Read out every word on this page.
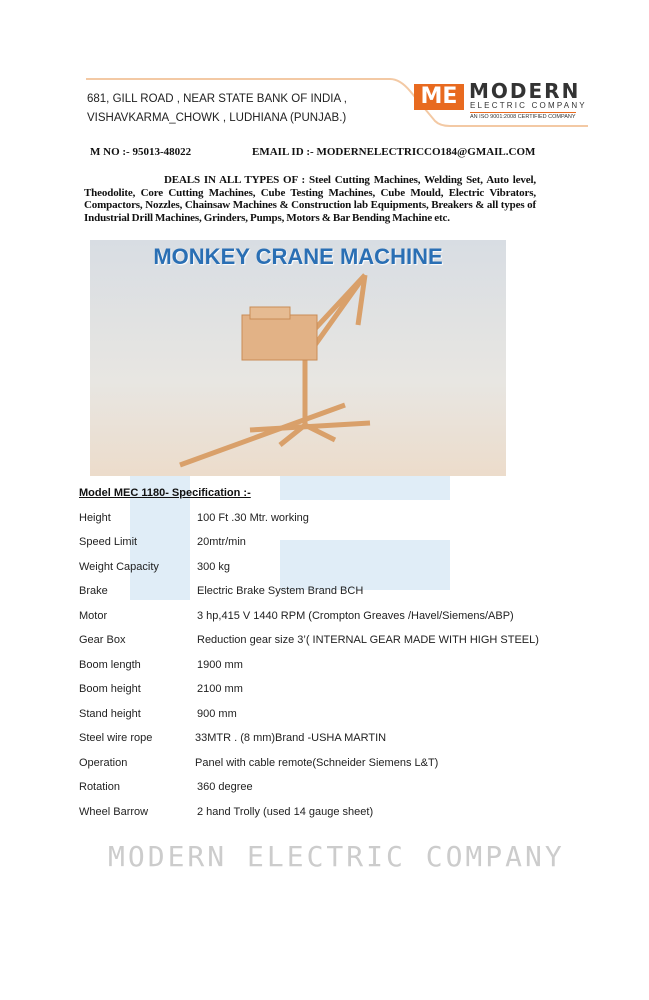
681, GILL ROAD , NEAR STATE BANK OF INDIA ,
VISHAVKARMA_CHOWK , LUDHIANA (PUNJAB.)
ME MODERN
ELECTRIC COMPANY
AN ISO 9001:2008 CERTIFIED COMPANY
M NO :- 95013-48022	EMAIL ID :- MODERNELECTRICCO184@GMAIL.COM
DEALS IN ALL TYPES OF : Steel Cutting Machines, Welding Set, Auto level, Theodolite, Core Cutting Machines, Cube Testing Machines, Cube Mould, Electric Vibrators, Compactors, Nozzles, Chainsaw Machines & Construction lab Equipments, Breakers & all types of Industrial Drill Machines, Grinders, Pumps, Motors & Bar Bending Machine etc.
MONKEY CRANE MACHINE
MODERN ELECTRIC COMPANY
Model MEC 1180- Specification :-
Height	100 Ft .30 Mtr. working
Speed Limit	20mtr/min
Weight Capacity	300 kg
Brake	Electric Brake System Brand BCH
Motor	3 hp,415 V 1440 RPM (Crompton Greaves /Havel/Siemens/ABP)
Gear Box	Reduction gear size 3’( INTERNAL GEAR MADE WITH HIGH STEEL)
Boom length	1900 mm
Boom height	2100 mm
Stand height	900 mm
Steel wire rope	33MTR . (8 mm)Brand -USHA MARTIN
Operation	Panel with cable remote(Schneider Siemens L&T)
Rotation	360 degree
Wheel Barrow	2 hand Trolly (used 14 gauge sheet)
